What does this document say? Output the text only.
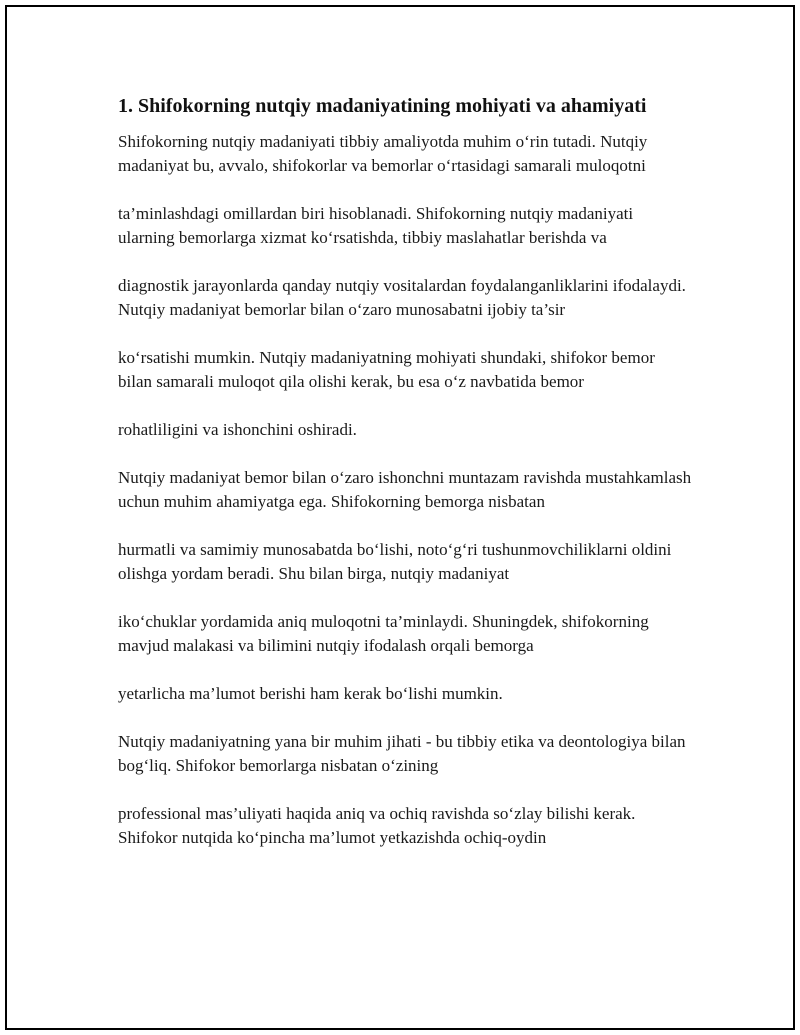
1. Shifokorning nutqiy madaniyatining mohiyati va ahamiyati

Shifokorning nutqiy madaniyati tibbiy amaliyotda muhim o‘rin tutadi. Nutqiy madaniyat bu, avvalo, shifokorlar va bemorlar o‘rtasidagi samarali muloqotni

ta’minlashdagi omillardan biri hisoblanadi. Shifokorning nutqiy madaniyati ularning bemorlarga xizmat ko‘rsatishda, tibbiy maslahatlar berishda va

diagnostik jarayonlarda qanday nutqiy vositalardan foydalanganliklarini ifodalaydi. Nutqiy madaniyat bemorlar bilan o‘zaro munosabatni ijobiy ta’sir

ko‘rsatishi mumkin. Nutqiy madaniyatning mohiyati shundaki, shifokor bemor bilan samarali muloqot qila olishi kerak, bu esa o‘z navbatida bemor

rohatliligini va ishonchini oshiradi.

Nutqiy madaniyat bemor bilan o‘zaro ishonchni muntazam ravishda mustahkamlash uchun muhim ahamiyatga ega. Shifokorning bemorga nisbatan

hurmatli va samimiy munosabatda bo‘lishi, noto‘g‘ri tushunmovchiliklarni oldini olishga yordam beradi. Shu bilan birga, nutqiy madaniyat

iko‘chuklar yordamida aniq muloqotni ta’minlaydi. Shuningdek, shifokorning mavjud malakasi va bilimini nutqiy ifodalash orqali bemorga

yetarlicha ma’lumot berishi ham kerak bo‘lishi mumkin.

Nutqiy madaniyatning yana bir muhim jihati - bu tibbiy etika va deontologiya bilan bog‘liq. Shifokor bemorlarga nisbatan o‘zining

professional mas’uliyati haqida aniq va ochiq ravishda so‘zlay bilishi kerak. Shifokor nutqida ko‘pincha ma’lumot yetkazishda ochiq-oydin
